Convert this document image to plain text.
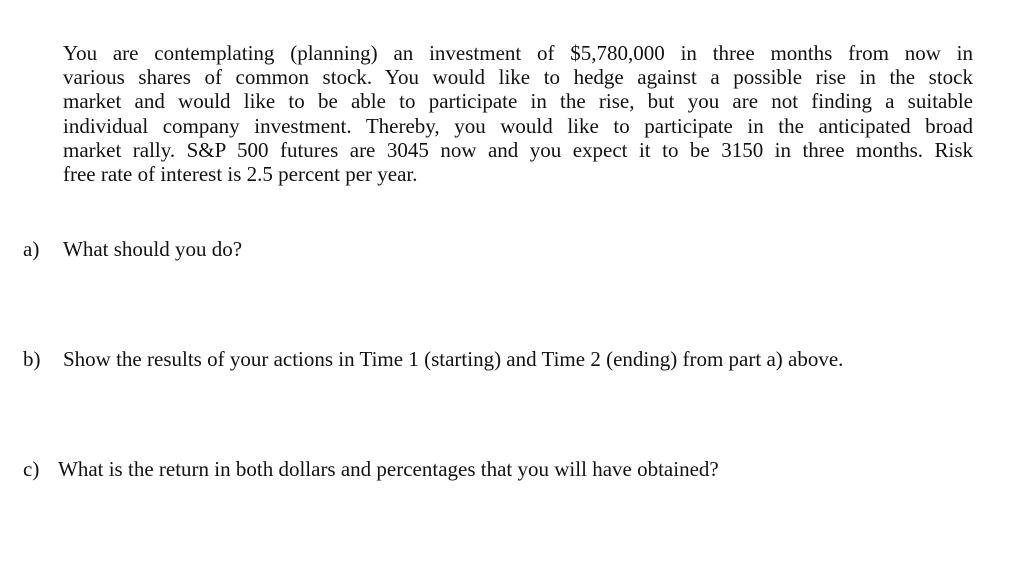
You are contemplating (planning) an investment of $5,780,000 in three months from now in
various shares of common stock. You would like to hedge against a possible rise in the stock
market and would like to be able to participate in the rise, but you are not finding a suitable
individual company investment. Thereby, you would like to participate in the anticipated broad
market rally. S&P 500 futures are 3045 now and you expect it to be 3150 in three months. Risk
free rate of interest is 2.5 percent per year.

a) What should you do?

b) Show the results of your actions in Time 1 (starting) and Time 2 (ending) from part a) above.

c) What is the return in both dollars and percentages that you will have obtained?
